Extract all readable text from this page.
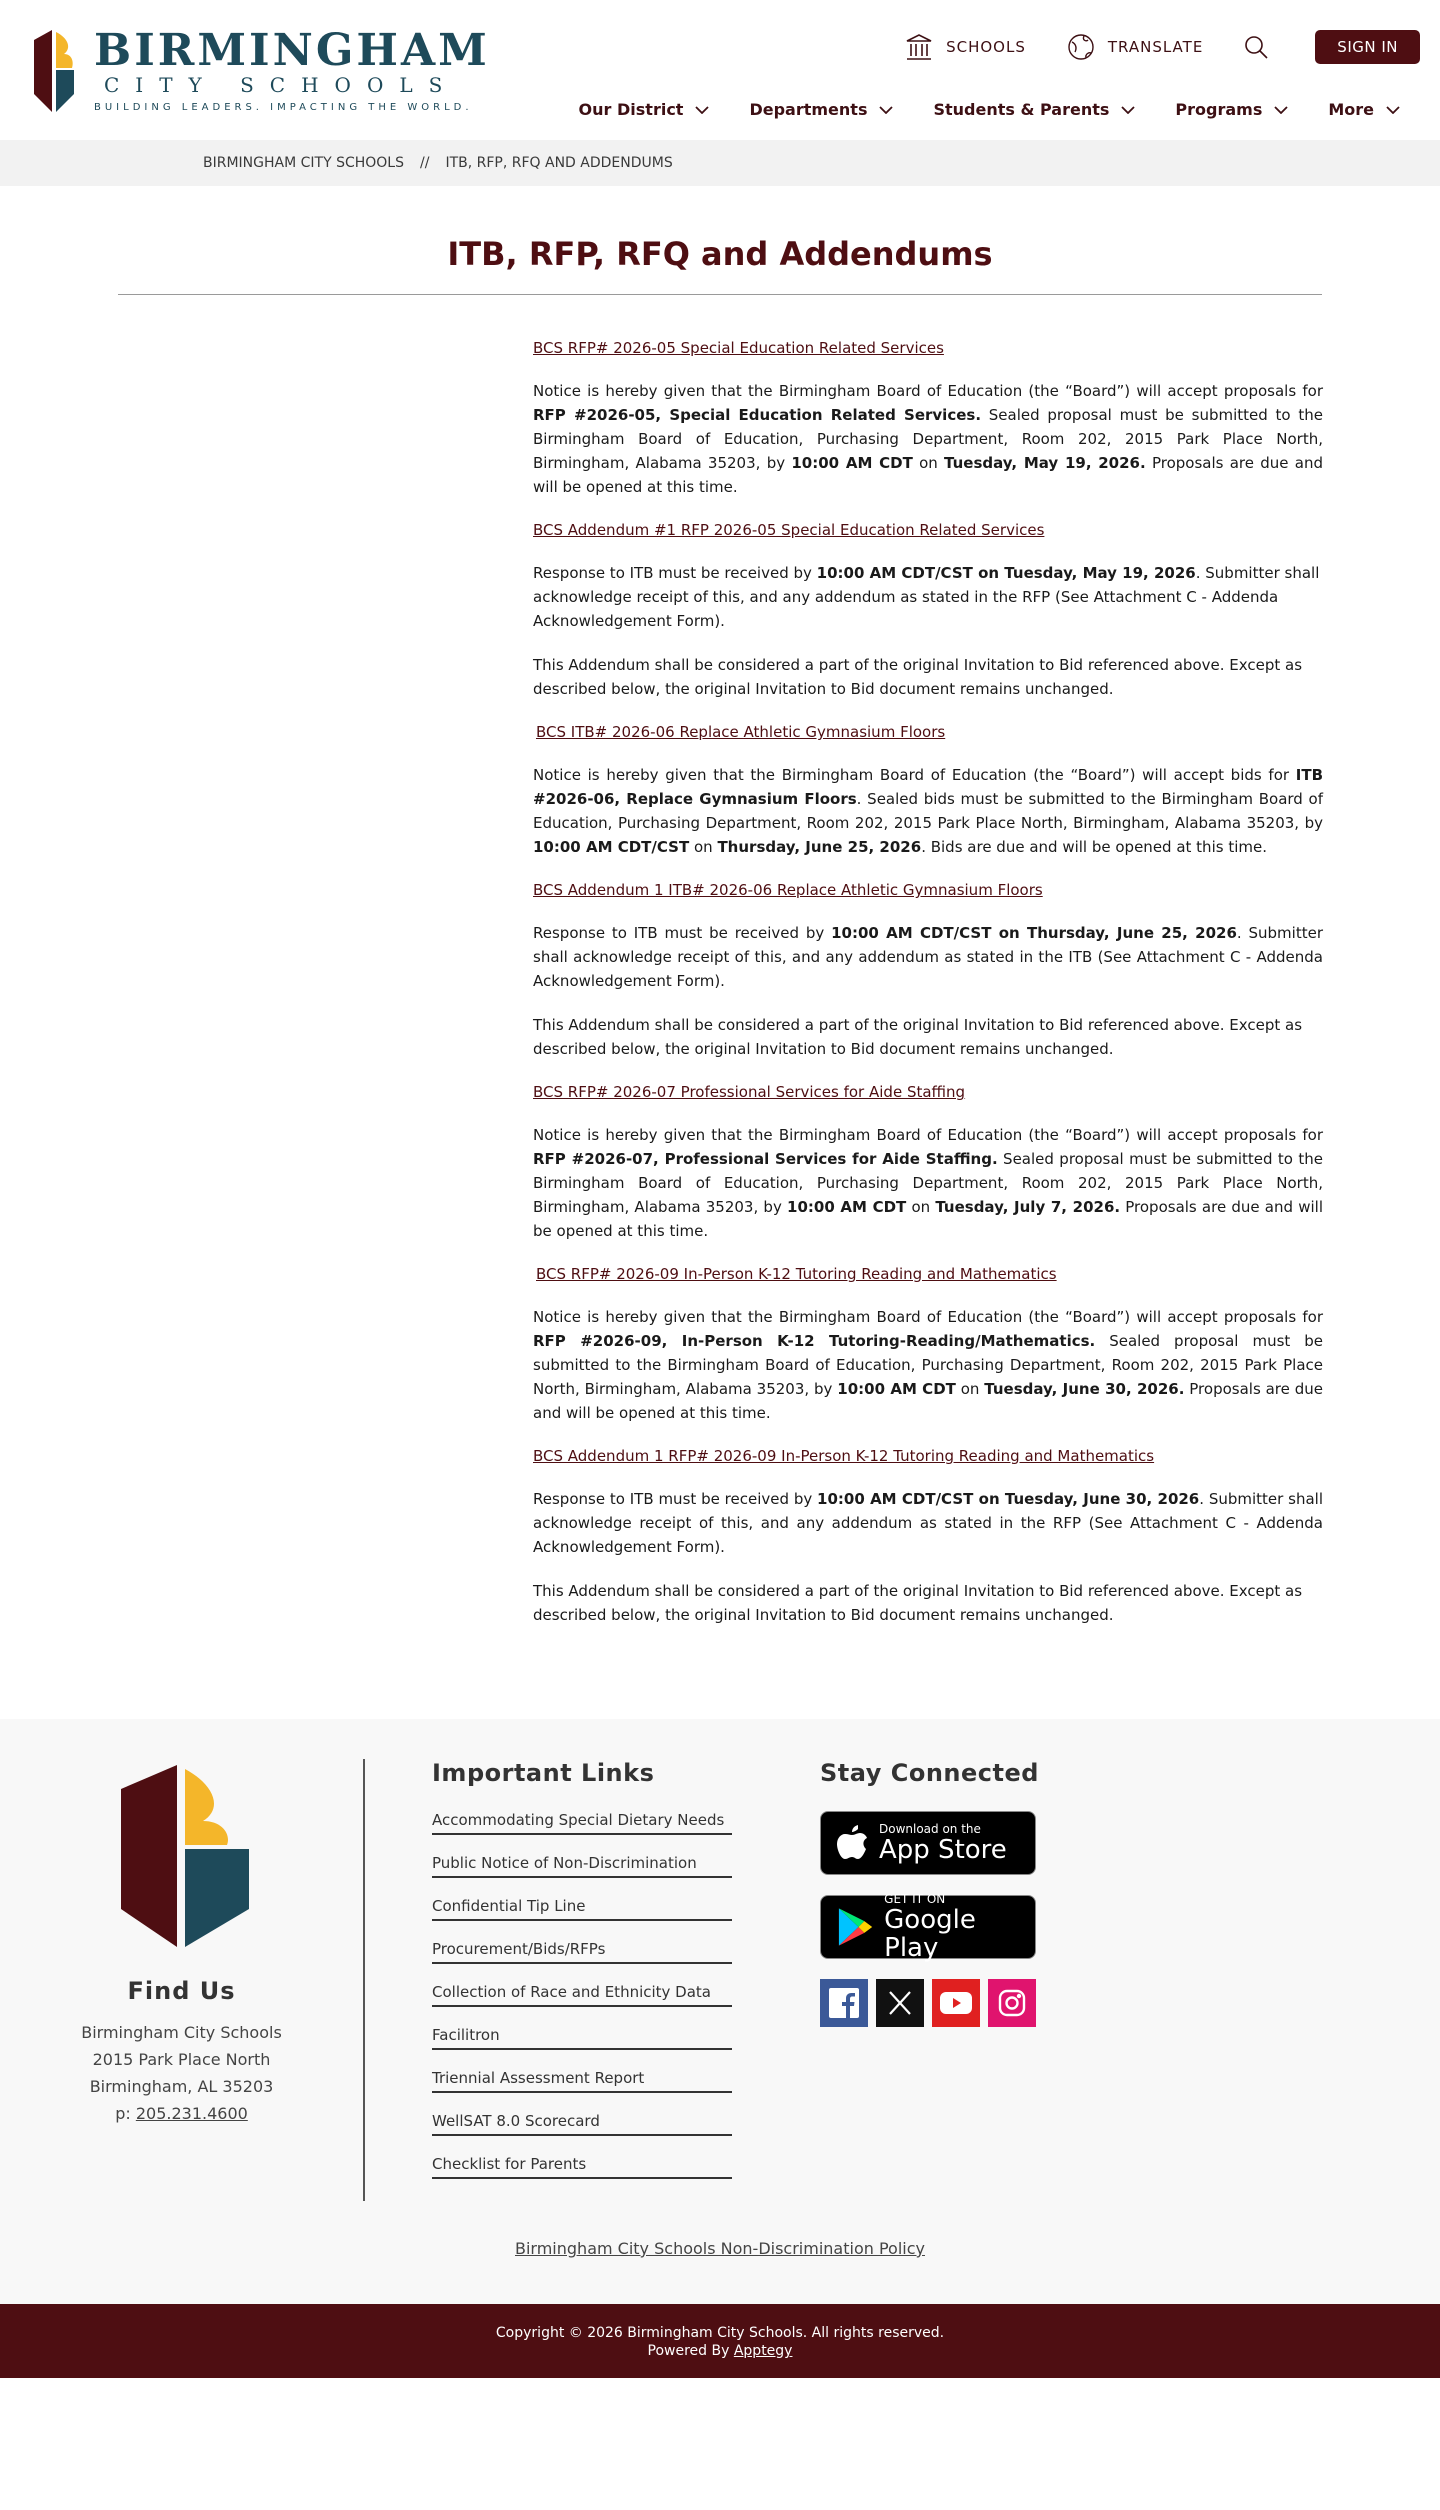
BIRMINGHAM
CITY SCHOOLS
BUILDING LEADERS. IMPACTING THE WORLD.
SCHOOLS	TRANSLATE	SIGN IN
Our District	Departments	Students & Parents	Programs	More
BIRMINGHAM CITY SCHOOLS // ITB, RFP, RFQ AND ADDENDUMS
ITB, RFP, RFQ and Addendums
BCS RFP# 2026-05 Special Education Related Services

Notice is hereby given that the Birmingham Board of Education (the “Board”) will accept proposals for RFP #2026-05, Special Education Related Services. Sealed proposal must be submitted to the Birmingham Board of Education, Purchasing Department, Room 202, 2015 Park Place North, Birmingham, Alabama 35203, by 10:00 AM CDT on Tuesday, May 19, 2026. Proposals are due and will be opened at this time.

BCS Addendum #1 RFP 2026-05 Special Education Related Services

Response to ITB must be received by 10:00 AM CDT/CST on Tuesday, May 19, 2026. Submitter shall acknowledge receipt of this, and any addendum as stated in the RFP (See Attachment C - Addenda Acknowledgement Form).

This Addendum shall be considered a part of the original Invitation to Bid referenced above. Except as described below, the original Invitation to Bid document remains unchanged.

BCS ITB# 2026-06 Replace Athletic Gymnasium Floors

Notice is hereby given that the Birmingham Board of Education (the “Board”) will accept bids for ITB #2026-06, Replace Gymnasium Floors. Sealed bids must be submitted to the Birmingham Board of Education, Purchasing Department, Room 202, 2015 Park Place North, Birmingham, Alabama 35203, by 10:00 AM CDT/CST on Thursday, June 25, 2026. Bids are due and will be opened at this time.

BCS Addendum 1 ITB# 2026-06 Replace Athletic Gymnasium Floors

Response to ITB must be received by 10:00 AM CDT/CST on Thursday, June 25, 2026. Submitter shall acknowledge receipt of this, and any addendum as stated in the ITB (See Attachment C - Addenda Acknowledgement Form).

This Addendum shall be considered a part of the original Invitation to Bid referenced above. Except as described below, the original Invitation to Bid document remains unchanged.

BCS RFP# 2026-07 Professional Services for Aide Staffing

Notice is hereby given that the Birmingham Board of Education (the “Board”) will accept proposals for RFP #2026-07, Professional Services for Aide Staffing. Sealed proposal must be submitted to the Birmingham Board of Education, Purchasing Department, Room 202, 2015 Park Place North, Birmingham, Alabama 35203, by 10:00 AM CDT on Tuesday, July 7, 2026. Proposals are due and will be opened at this time.

BCS RFP# 2026-09 In-Person K-12 Tutoring Reading and Mathematics

Notice is hereby given that the Birmingham Board of Education (the “Board”) will accept proposals for RFP #2026-09, In-Person K-12 Tutoring-Reading/Mathematics. Sealed proposal must be submitted to the Birmingham Board of Education, Purchasing Department, Room 202, 2015 Park Place North, Birmingham, Alabama 35203, by 10:00 AM CDT on Tuesday, June 30, 2026. Proposals are due and will be opened at this time.

BCS Addendum 1 RFP# 2026-09 In-Person K-12 Tutoring Reading and Mathematics

Response to ITB must be received by 10:00 AM CDT/CST on Tuesday, June 30, 2026. Submitter shall acknowledge receipt of this, and any addendum as stated in the RFP (See Attachment C - Addenda Acknowledgement Form).

This Addendum shall be considered a part of the original Invitation to Bid referenced above. Except as described below, the original Invitation to Bid document remains unchanged.

Find Us
Birmingham City Schools
2015 Park Place North
Birmingham, AL 35203
p: 205.231.4600
Important Links
Accommodating Special Dietary Needs
Public Notice of Non-Discrimination
Confidential Tip Line
Procurement/Bids/RFPs
Collection of Race and Ethnicity Data
Facilitron
Triennial Assessment Report
WellSAT 8.0 Scorecard
Checklist for Parents
Stay Connected
Download on the
App Store
GET IT ON
Google Play
Birmingham City Schools Non-Discrimination Policy
Copyright © 2026 Birmingham City Schools. All rights reserved.
Powered By Apptegy
